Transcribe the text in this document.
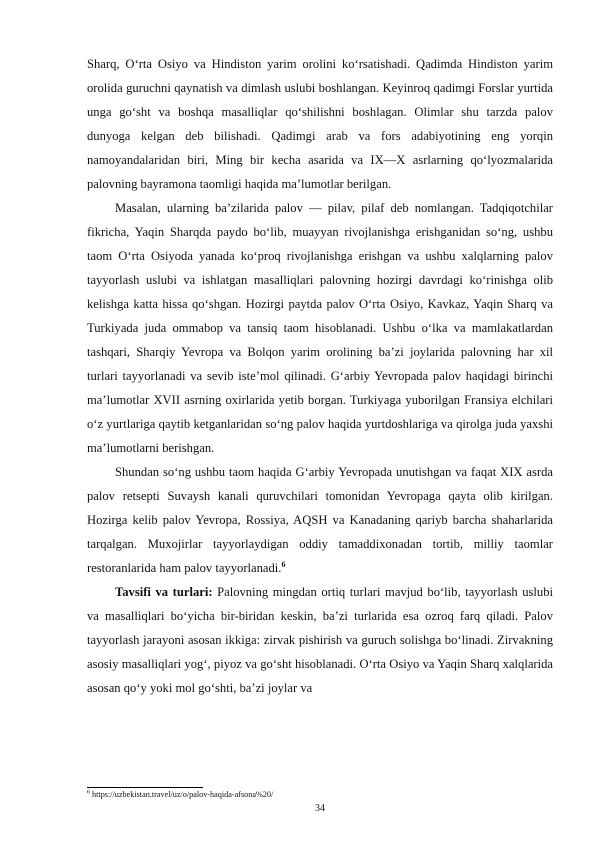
Sharq, O‘rta Osiyo va Hindiston yarim orolini ko‘rsatishadi. Qadimda Hindiston yarim orolida guruchni qaynatish va dimlash uslubi boshlangan. Keyinroq qadimgi Forslar yurtida unga go‘sht va boshqa masalliqlar qo‘shilishni boshlagan. Olimlar shu tarzda palov dunyoga kelgan deb bilishadi. Qadimgi arab va fors adabiyotining eng yorqin namoyandalaridan biri, Ming bir kecha asarida va IX—X asrlarning qo‘lyozmalarida palovning bayramona taomligi haqida ma’lumotlar berilgan.

Masalan, ularning ba’zilarida palov — pilav, pilaf deb nomlangan. Tadqiqotchilar fikricha, Yaqin Sharqda paydo bo‘lib, muayyan rivojlanishga erishganidan so‘ng, ushbu taom O‘rta Osiyoda yanada ko‘proq rivojlanishga erishgan va ushbu xalqlarning palov tayyorlash uslubi va ishlatgan masalliqlari palovning hozirgi davrdagi ko‘rinishga olib kelishga katta hissa qo‘shgan. Hozirgi paytda palov O‘rta Osiyo, Kavkaz, Yaqin Sharq va Turkiyada juda ommabop va tansiq taom hisoblanadi. Ushbu o‘lka va mamlakatlardan tashqari, Sharqiy Yevropa va Bolqon yarim orolining ba’zi joylarida palovning har xil turlari tayyorlanadi va sevib iste’mol qilinadi. G‘arbiy Yevropada palov haqidagi birinchi ma’lumotlar XVII asrning oxirlarida yetib borgan. Turkiyaga yuborilgan Fransiya elchilari o‘z yurtlariga qaytib ketganlaridan so‘ng palov haqida yurtdoshlariga va qirolga juda yaxshi ma’lumotlarni berishgan.

Shundan so‘ng ushbu taom haqida G‘arbiy Yevropada unutishgan va faqat XIX asrda palov retsepti Suvaysh kanali quruvchilari tomonidan Yevropaga qayta olib kirilgan. Hozirga kelib palov Yevropa, Rossiya, AQSH va Kanadaning qariyb barcha shaharlarida tarqalgan. Muxojirlar tayyorlaydigan oddiy tamaddixonadan tortib, milliy taomlar restoranlarida ham palov tayyorlanadi.$^6$

Tavsifi va turlari: Palovning mingdan ortiq turlari mavjud bo‘lib, tayyorlash uslubi va masalliqlari bo‘yicha bir-biridan keskin, ba’zi turlarida esa ozroq farq qiladi. Palov tayyorlash jarayoni asosan ikkiga: zirvak pishirish va guruch solishga bo‘linadi. Zirvakning asosiy masalliqlari yog‘, piyoz va go‘sht hisoblanadi. O‘rta Osiyo va Yaqin Sharq xalqlarida asosan qo‘y yoki mol go‘shti, ba’zi joylar va

$^6$ https://uzbekistan.travel/uz/o/palov-haqida-afsona%20/
34
